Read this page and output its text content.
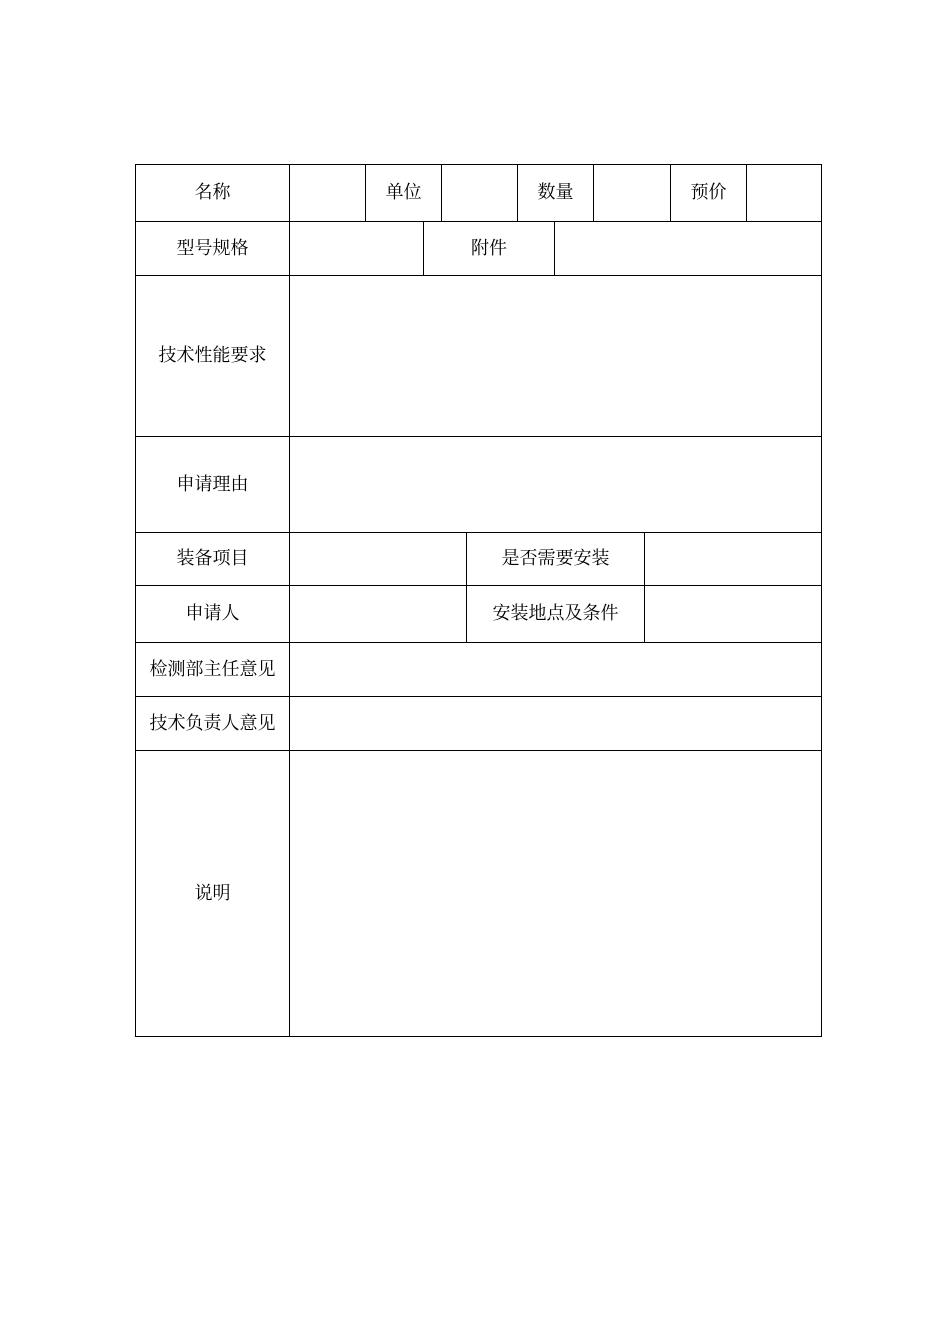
名称	单位	数量	预价
型号规格	附件
技术性能要求
申请理由
装备项目	是否需要安装
申请人	安装地点及条件
检测部主任意见
技术负责人意见
说明
